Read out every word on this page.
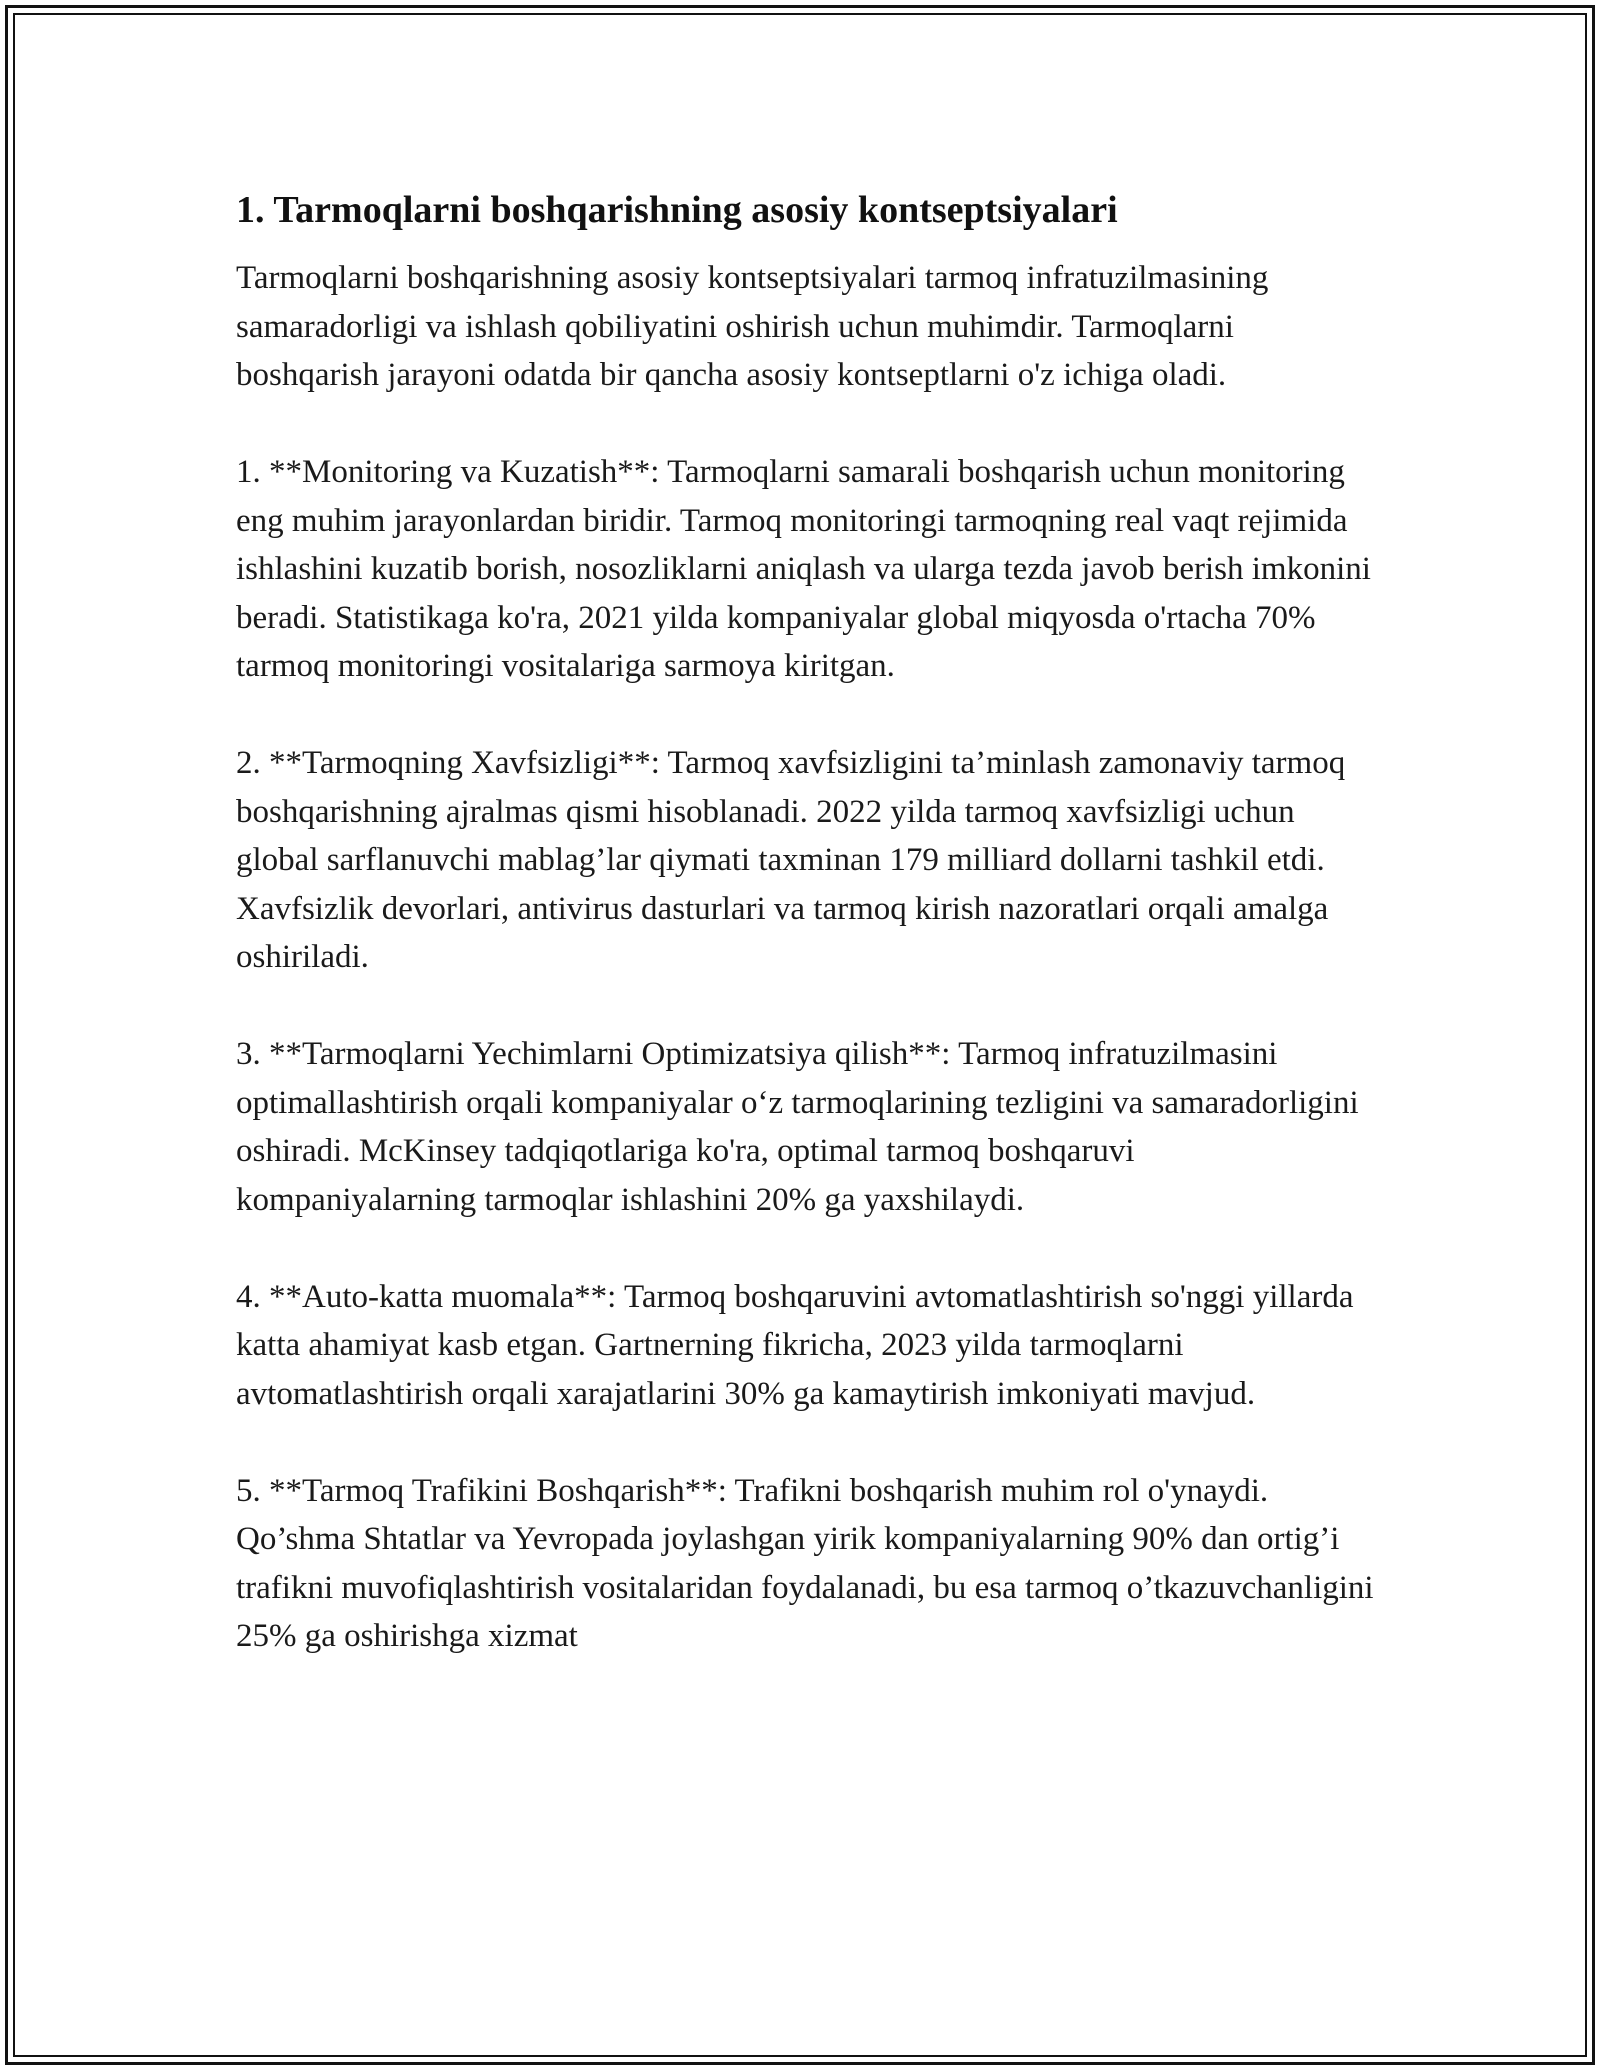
1. Tarmoqlarni boshqarishning asosiy kontseptsiyalari

Tarmoqlarni boshqarishning asosiy kontseptsiyalari tarmoq infratuzilmasining samaradorligi va ishlash qobiliyatini oshirish uchun muhimdir. Tarmoqlarni boshqarish jarayoni odatda bir qancha asosiy kontseptlarni o'z ichiga oladi.

1. **Monitoring va Kuzatish**: Tarmoqlarni samarali boshqarish uchun monitoring eng muhim jarayonlardan biridir. Tarmoq monitoringi tarmoqning real vaqt rejimida ishlashini kuzatib borish, nosozliklarni aniqlash va ularga tezda javob berish imkonini beradi. Statistikaga ko'ra, 2021 yilda kompaniyalar global miqyosda o'rtacha 70% tarmoq monitoringi vositalariga sarmoya kiritgan.

2. **Tarmoqning Xavfsizligi**: Tarmoq xavfsizligini ta’minlash zamonaviy tarmoq boshqarishning ajralmas qismi hisoblanadi. 2022 yilda tarmoq xavfsizligi uchun global sarflanuvchi mablag’lar qiymati taxminan 179 milliard dollarni tashkil etdi. Xavfsizlik devorlari, antivirus dasturlari va tarmoq kirish nazoratlari orqali amalga oshiriladi.

3. **Tarmoqlarni Yechimlarni Optimizatsiya qilish**: Tarmoq infratuzilmasini optimallashtirish orqali kompaniyalar o‘z tarmoqlarining tezligini va samaradorligini oshiradi. McKinsey tadqiqotlariga ko'ra, optimal tarmoq boshqaruvi kompaniyalarning tarmoqlar ishlashini 20% ga yaxshilaydi.

4. **Auto-katta muomala**: Tarmoq boshqaruvini avtomatlashtirish so'nggi yillarda katta ahamiyat kasb etgan. Gartnerning fikricha, 2023 yilda tarmoqlarni avtomatlashtirish orqali xarajatlarini 30% ga kamaytirish imkoniyati mavjud.

5. **Tarmoq Trafikini Boshqarish**: Trafikni boshqarish muhim rol o'ynaydi. Qo’shma Shtatlar va Yevropada joylashgan yirik kompaniyalarning 90% dan ortig’i trafikni muvofiqlashtirish vositalaridan foydalanadi, bu esa tarmoq o’tkazuvchanligini 25% ga oshirishga xizmat
